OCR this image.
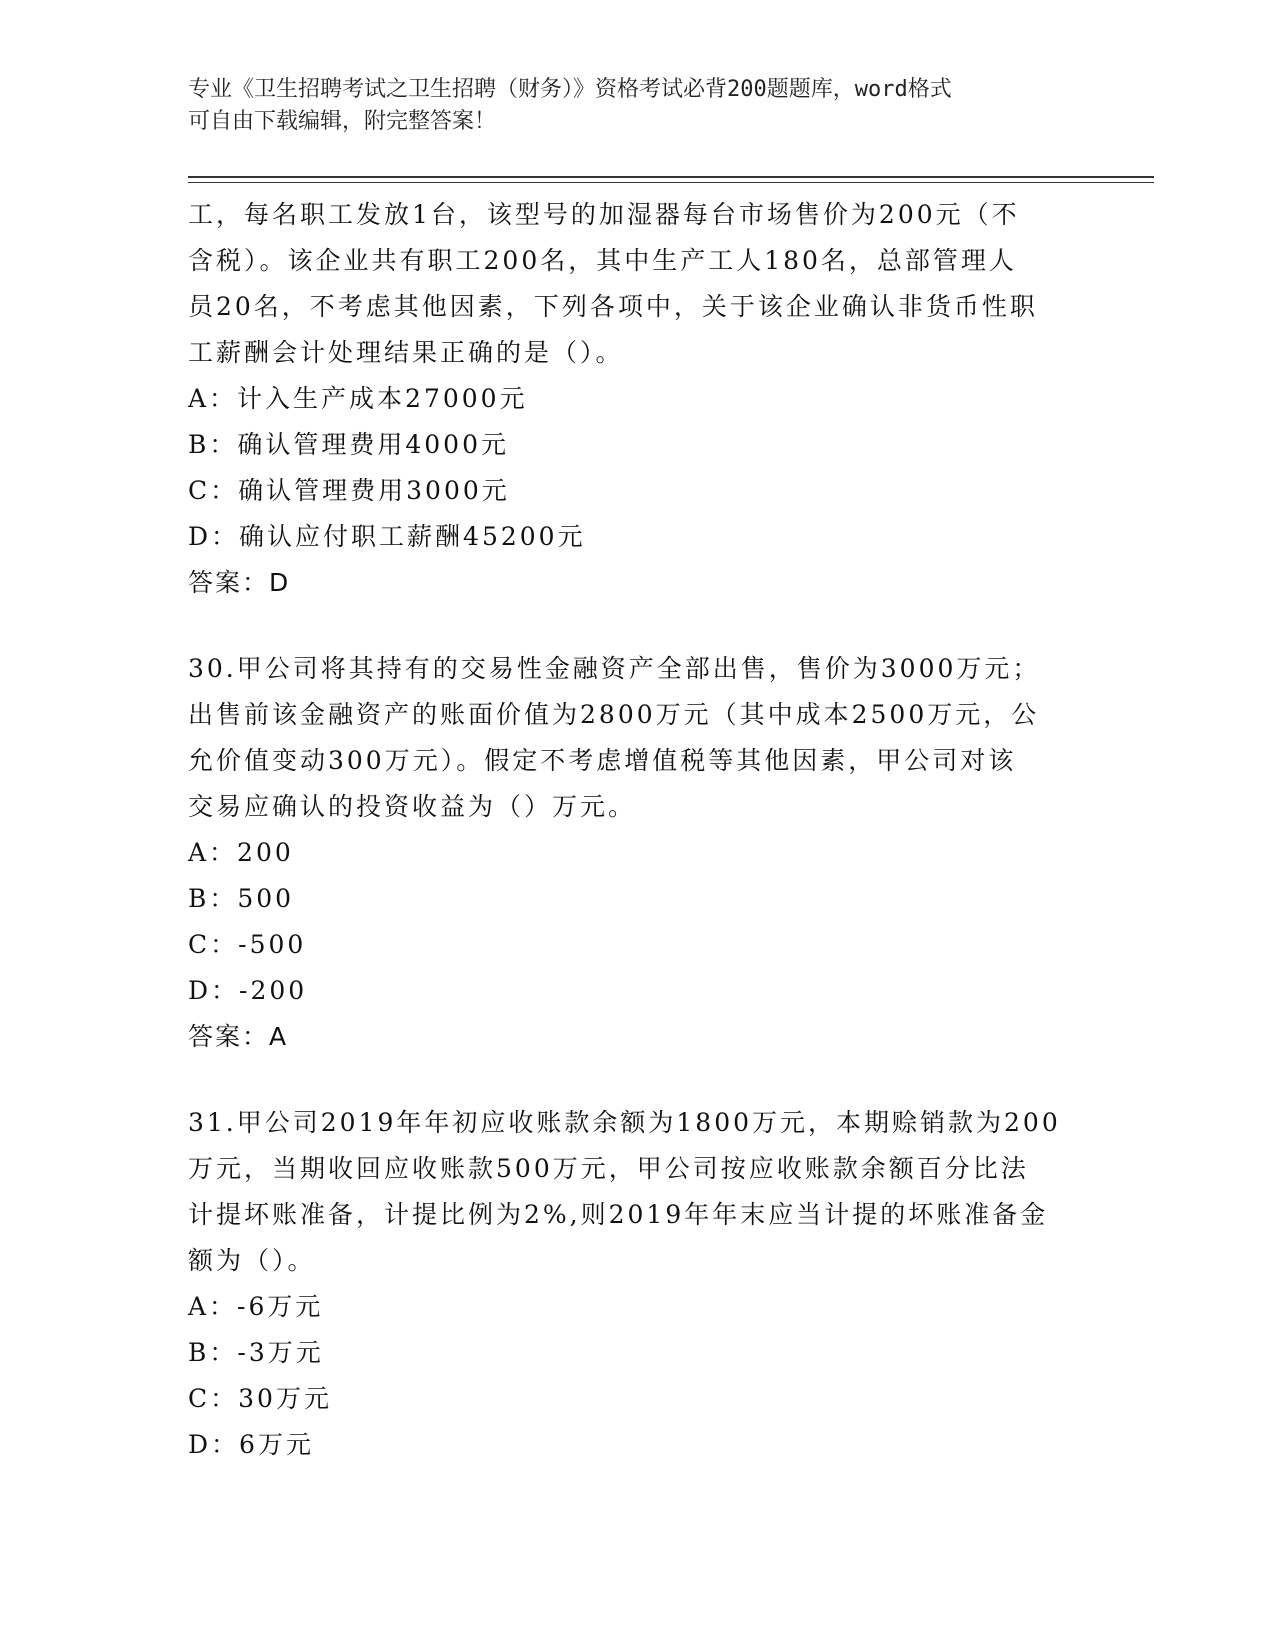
专业《卫生招聘考试之卫生招聘（财务）》资格考试必背200题题库，word格式
可自由下载编辑，附完整答案！
工，每名职工发放1台，该型号的加湿器每台市场售价为200元（不
含税）。该企业共有职工200名，其中生产工人180名，总部管理人
员20名，不考虑其他因素，下列各项中，关于该企业确认非货币性职
工薪酬会计处理结果正确的是（）。
A：计入生产成本27000元
B：确认管理费用4000元
C：确认管理费用3000元
D：确认应付职工薪酬45200元
答案：D
30.甲公司将其持有的交易性金融资产全部出售，售价为3000万元；
出售前该金融资产的账面价值为2800万元（其中成本2500万元，公
允价值变动300万元）。假定不考虑增值税等其他因素，甲公司对该
交易应确认的投资收益为（）万元。
A：200
B：500
C：-500
D：-200
答案：A
31.甲公司2019年年初应收账款余额为1800万元，本期赊销款为200
万元，当期收回应收账款500万元，甲公司按应收账款余额百分比法
计提坏账准备，计提比例为2%,则2019年年末应当计提的坏账准备金
额为（）。
A：-6万元
B：-3万元
C：30万元
D：6万元
